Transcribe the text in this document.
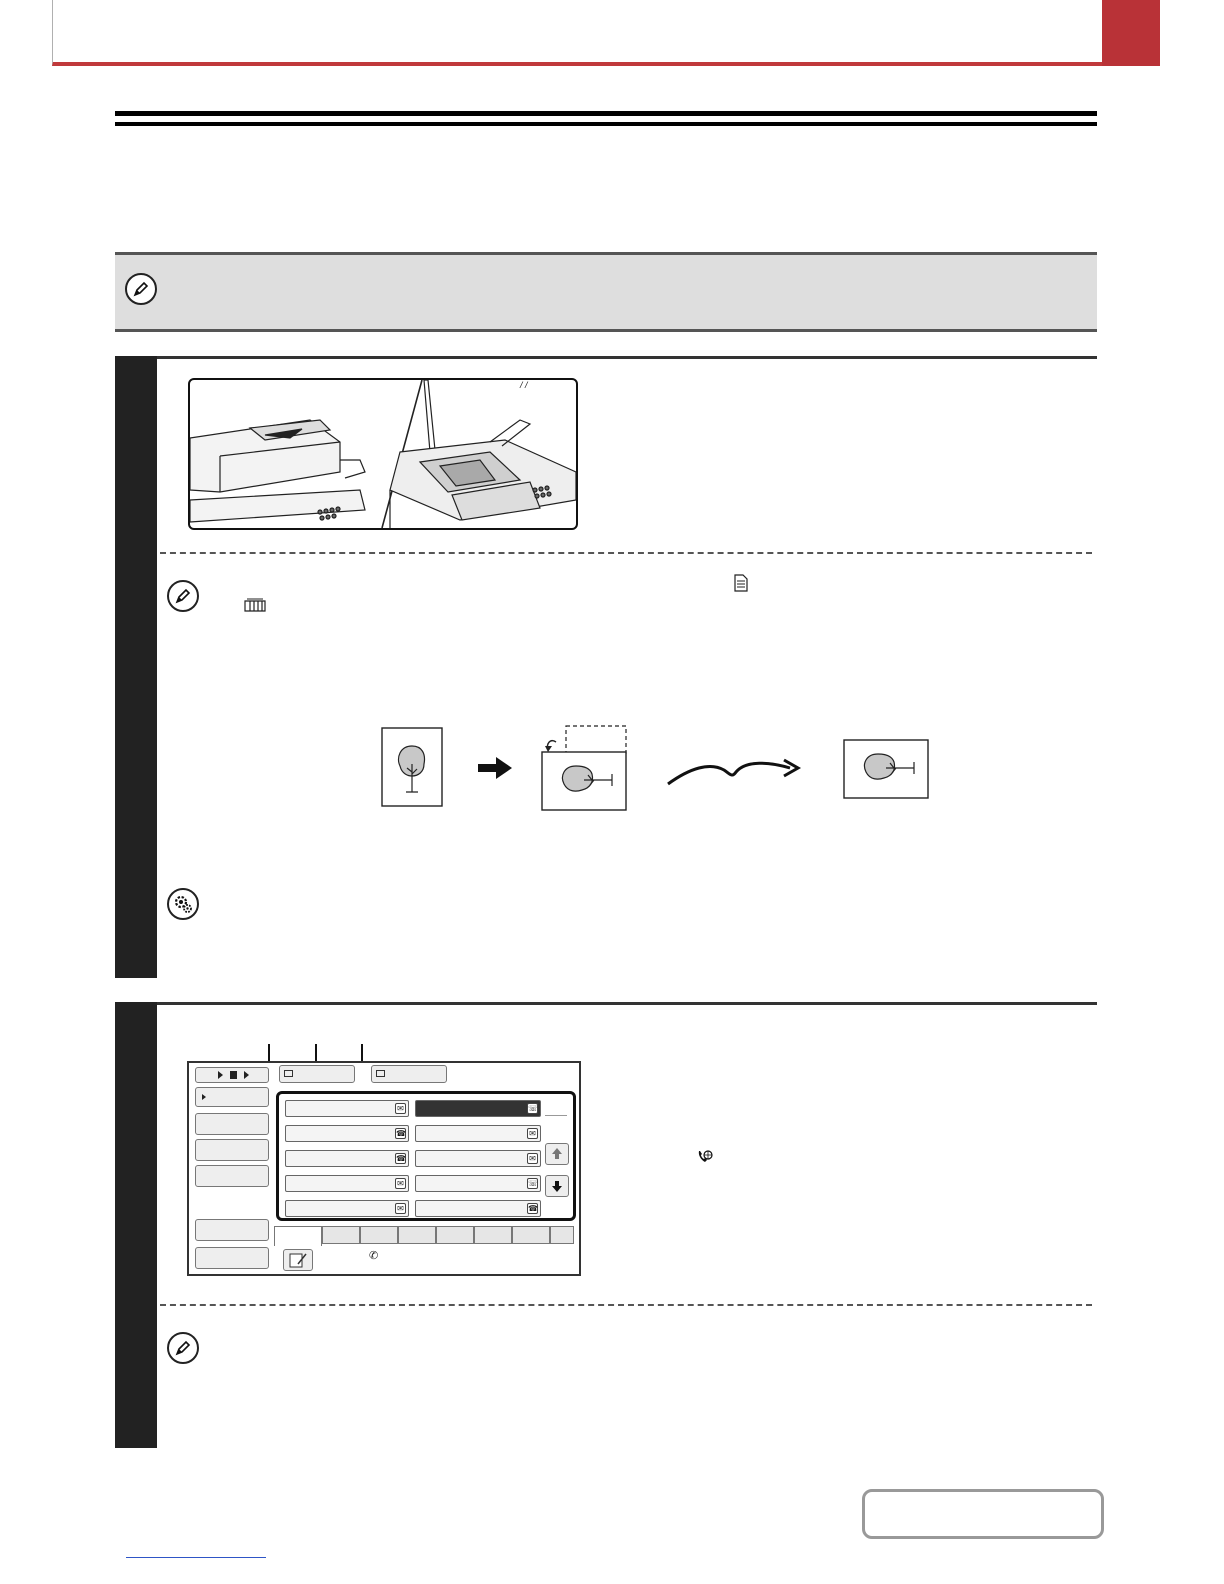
/ /
✉	☏
☎	✉
☎	✉
✉	☏
✉	☎
✆
